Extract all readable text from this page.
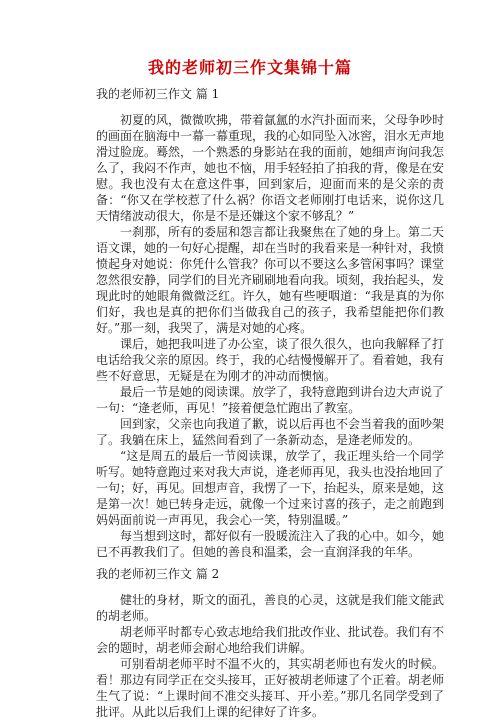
我的老师初三作文集锦十篇
我的老师初三作文 篇 1

初夏的风，微微吹拂，带着氤氲的水汽扑面而来，父母争吵时的画面在脑海中一幕一幕重现，我的心如同坠入冰窖，泪水无声地滑过脸庞。蓦然，一个熟悉的身影站在我的面前，她细声询问我怎么了，我闷不作声，她也不恼，用手轻轻拍了拍我的背，像是在安慰。我也没有太在意这件事，回到家后，迎面而来的是父亲的责备：“你又在学校惹了什么祸？你语文老师刚打电话来，说你这几天情绪波动很大，你是不是还嫌这个家不够乱？”

一刹那，所有的委屈和怨言都让我聚焦在了她的身上。第二天语文课，她的一句好心提醒，却在当时的我看来是一种针对，我愤愤起身对她说：你凭什么管我？你可以不要这么多管闲事吗？课堂忽然很安静，同学们的目光齐刷刷地看向我。顷刻，我抬起头，发现此时的她眼角微微泛红。许久，她有些哽咽道：“我是真的为你们好，我也是真的把你们当做我自己的孩子，我希望能把你们教好。”那一刻，我哭了，满是对她的心疼。

课后，她把我叫进了办公室，谈了很久很久，也向我解释了打电话给我父亲的原因。终于，我的心结慢慢解开了。看着她，我有些不好意思，无疑是在为刚才的冲动而懊恼。

最后一节是她的阅读课。放学了，我特意跑到讲台边大声说了一句：“逄老师，再见！”接着便急忙跑出了教室。

回到家，父亲也向我道了歉，说以后再也不会当着我的面吵架了。我躺在床上，猛然间看到了一条新动态，是逄老师发的。

“这是周五的最后一节阅读课，放学了，我正埋头给一个同学听写。她特意跑过来对我大声说，逄老师再见，我头也没抬地回了一句；好，再见。回想声音，我愣了一下，抬起头，原来是她，这是第一次！她已转身走远，就像一个过来讨喜的孩子，走之前跑到妈妈面前说一声再见，我会心一笑，特别温暖。”

每当想到这时，都好似有一股暖流注入了我的心中。如今，她已不再教我们了。但她的善良和温柔，会一直润泽我的年华。

我的老师初三作文 篇 2

健壮的身材，斯文的面孔，善良的心灵，这就是我们能文能武的胡老师。

胡老师平时都专心致志地给我们批改作业、批试卷。我们有不会的题时，胡老师会耐心地给我们讲解。

可别看胡老师平时不温不火的，其实胡老师也有发火的时候。看！那边有同学正在交头接耳，正好被胡老师逮了个正着。胡老师生气了说：“上课时间不准交头接耳、开小差。”那几名同学受到了批评。从此以后我们上课的纪律好了许多。
